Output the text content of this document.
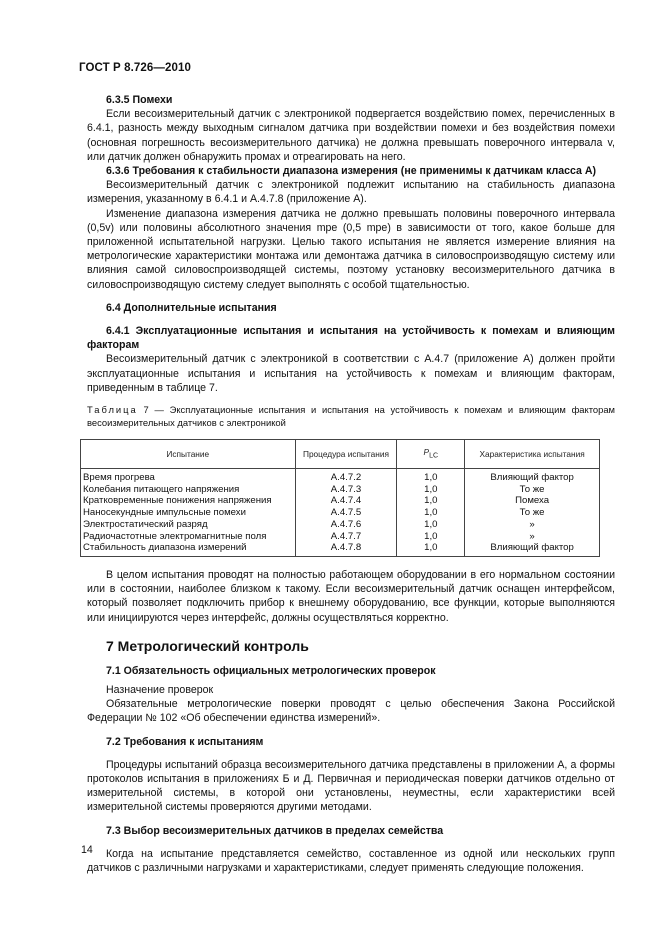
ГОСТ Р 8.726—2010

6.3.5 Помехи

Если весоизмерительный датчик с электроникой подвергается воздействию помех, перечисленных в 6.4.1, разность между выходным сигналом датчика при воздействии помехи и без воздействия помехи (основная погрешность весоизмерительного датчика) не должна превышать поверочного интервала v, или датчик должен обнаружить промах и отреагировать на него.

6.3.6 Требования к стабильности диапазона измерения (не применимы к датчикам класса А)

Весоизмерительный датчик с электроникой подлежит испытанию на стабильность диапазона измерения, указанному в 6.4.1 и А.4.7.8 (приложение А).

Изменение диапазона измерения датчика не должно превышать половины поверочного интервала (0,5v) или половины абсолютного значения mpe (0,5 mpe) в зависимости от того, какое больше для приложенной испытательной нагрузки. Целью такого испытания не является измерение влияния на метрологические характеристики монтажа или демонтажа датчика в силовоспроизводящую систему или влияния самой силовоспроизводящей системы, поэтому установку весоизмерительного датчика в силовоспроизводящую систему следует выполнять с особой тщательностью.

6.4 Дополнительные испытания

6.4.1 Эксплуатационные испытания и испытания на устойчивость к помехам и влияющим факторам

Весоизмерительный датчик с электроникой в соответствии с А.4.7 (приложение А) должен пройти эксплуатационные испытания и испытания на устойчивость к помехам и влияющим факторам, приведенным в таблице 7.

Таблица 7 — Эксплуатационные испытания и испытания на устойчивость к помехам и влияющим факторам весоизмерительных датчиков с электроникой

Испытание	Процедура испытания	$P_{LC}$	Характеристика испытания
Время прогрева	А.4.7.2	1,0	Влияющий фактор
Колебания питающего напряжения	А.4.7.3	1,0	То же
Кратковременные понижения напряжения	А.4.7.4	1,0	Помеха
Наносекундные импульсные помехи	А.4.7.5	1,0	То же
Электростатический разряд	А.4.7.6	1,0	»
Радиочастотные электромагнитные поля	А.4.7.7	1,0	»
Стабильность диапазона измерений	А.4.7.8	1,0	Влияющий фактор

В целом испытания проводят на полностью работающем оборудовании в его нормальном состоянии или в состоянии, наиболее близком к такому. Если весоизмерительный датчик оснащен интерфейсом, который позволяет подключить прибор к внешнему оборудованию, все функции, которые выполняются или инициируются через интерфейс, должны осуществляться корректно.

7 Метрологический контроль

7.1 Обязательность официальных метрологических проверок

Назначение проверок

Обязательные метрологические поверки проводят с целью обеспечения Закона Российской Федерации № 102 «Об обеспечении единства измерений».

7.2 Требования к испытаниям

Процедуры испытаний образца весоизмерительного датчика представлены в приложении А, а формы протоколов испытания в приложениях Б и Д. Первичная и периодическая поверки датчиков отдельно от измерительной системы, в которой они установлены, неуместны, если характеристики всей измерительной системы проверяются другими методами.

7.3 Выбор весоизмерительных датчиков в пределах семейства

Когда на испытание представляется семейство, составленное из одной или нескольких групп датчиков с различными нагрузками и характеристиками, следует применять следующие положения.

14
